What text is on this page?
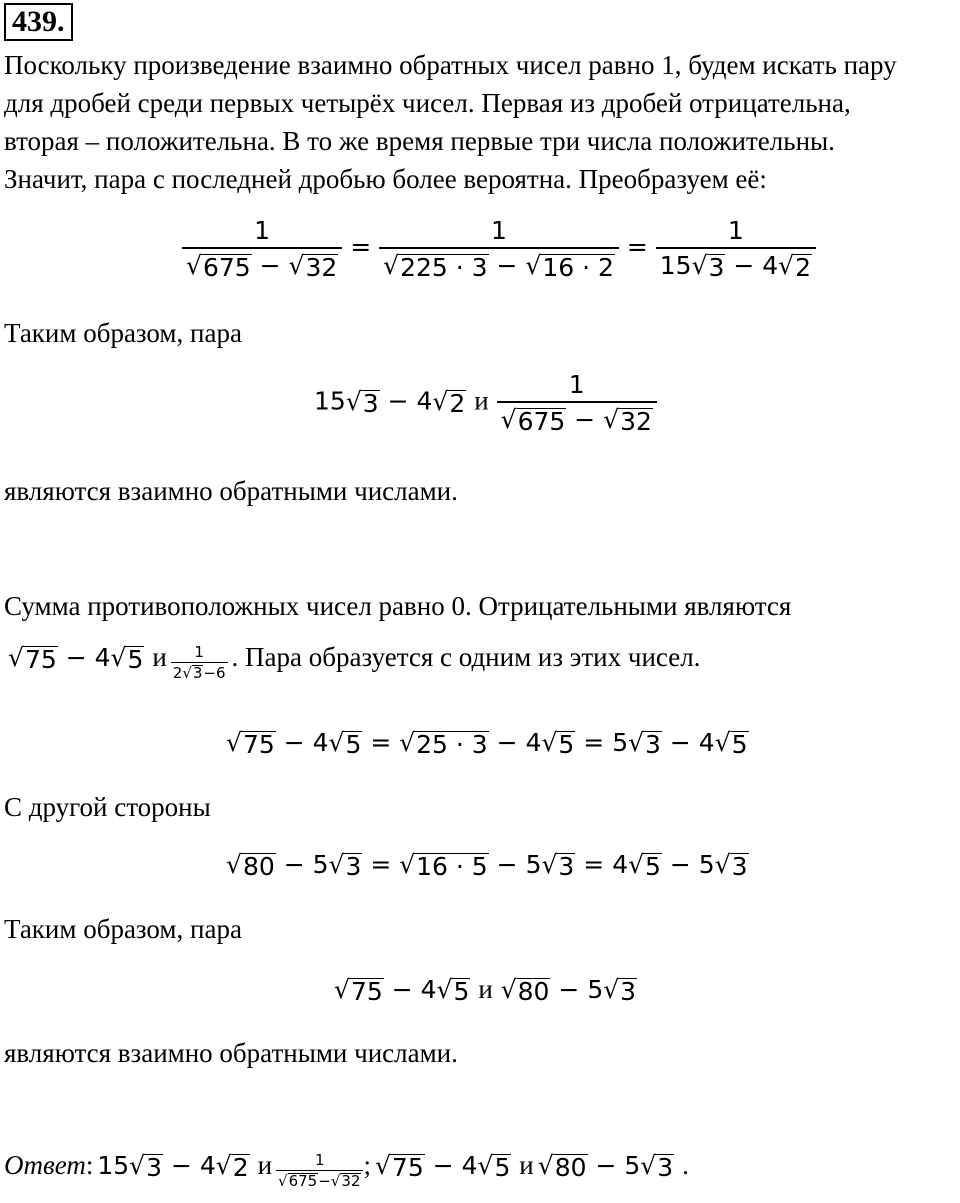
439.
Поскольку произведение взаимно обратных чисел равно 1, будем искать пару
для дробей среди первых четырёх чисел. Первая из дробей отрицательна,
вторая – положительна. В то же время первые три числа положительны.
Значит, пара с последней дробью более вероятна. Преобразуем её:
$\frac{1}{√ 675 - √ 32} = \frac{1}{√ 225 \cdot 3 - √ 16 \cdot 2} = \frac{1}{15 √ 3 - 4 √ 2}$
Таким образом, пара
15 √ 3 − 4 √ 2 и $\frac{1}{√ 675 - √ 32}$
являются взаимно обратными числами.
Сумма противоположных чисел равно 0. Отрицательными являются
√ 75 − 4 √ 5 и $\frac{1}{2 √ 3 -6}$ . Пара образуется с одним из этих чисел.
√ 75 − 4 √ 5 = √ 25 · 3 − 4 √ 5 = 5 √ 3 − 4 √ 5
С другой стороны
√ 80 − 5 √ 3 = √ 16 · 5 − 5 √ 3 = 4 √ 5 − 5 √ 3
Таким образом, пара
√ 75 − 4 √ 5 и √ 80 − 5 √ 3
являются взаимно обратными числами.
Ответ: 15 √ 3 − 4 √ 2 и $\frac{1}{√ 675 - √ 32}$ ; √ 75 − 4 √ 5 и √ 80 − 5 √ 3 .
